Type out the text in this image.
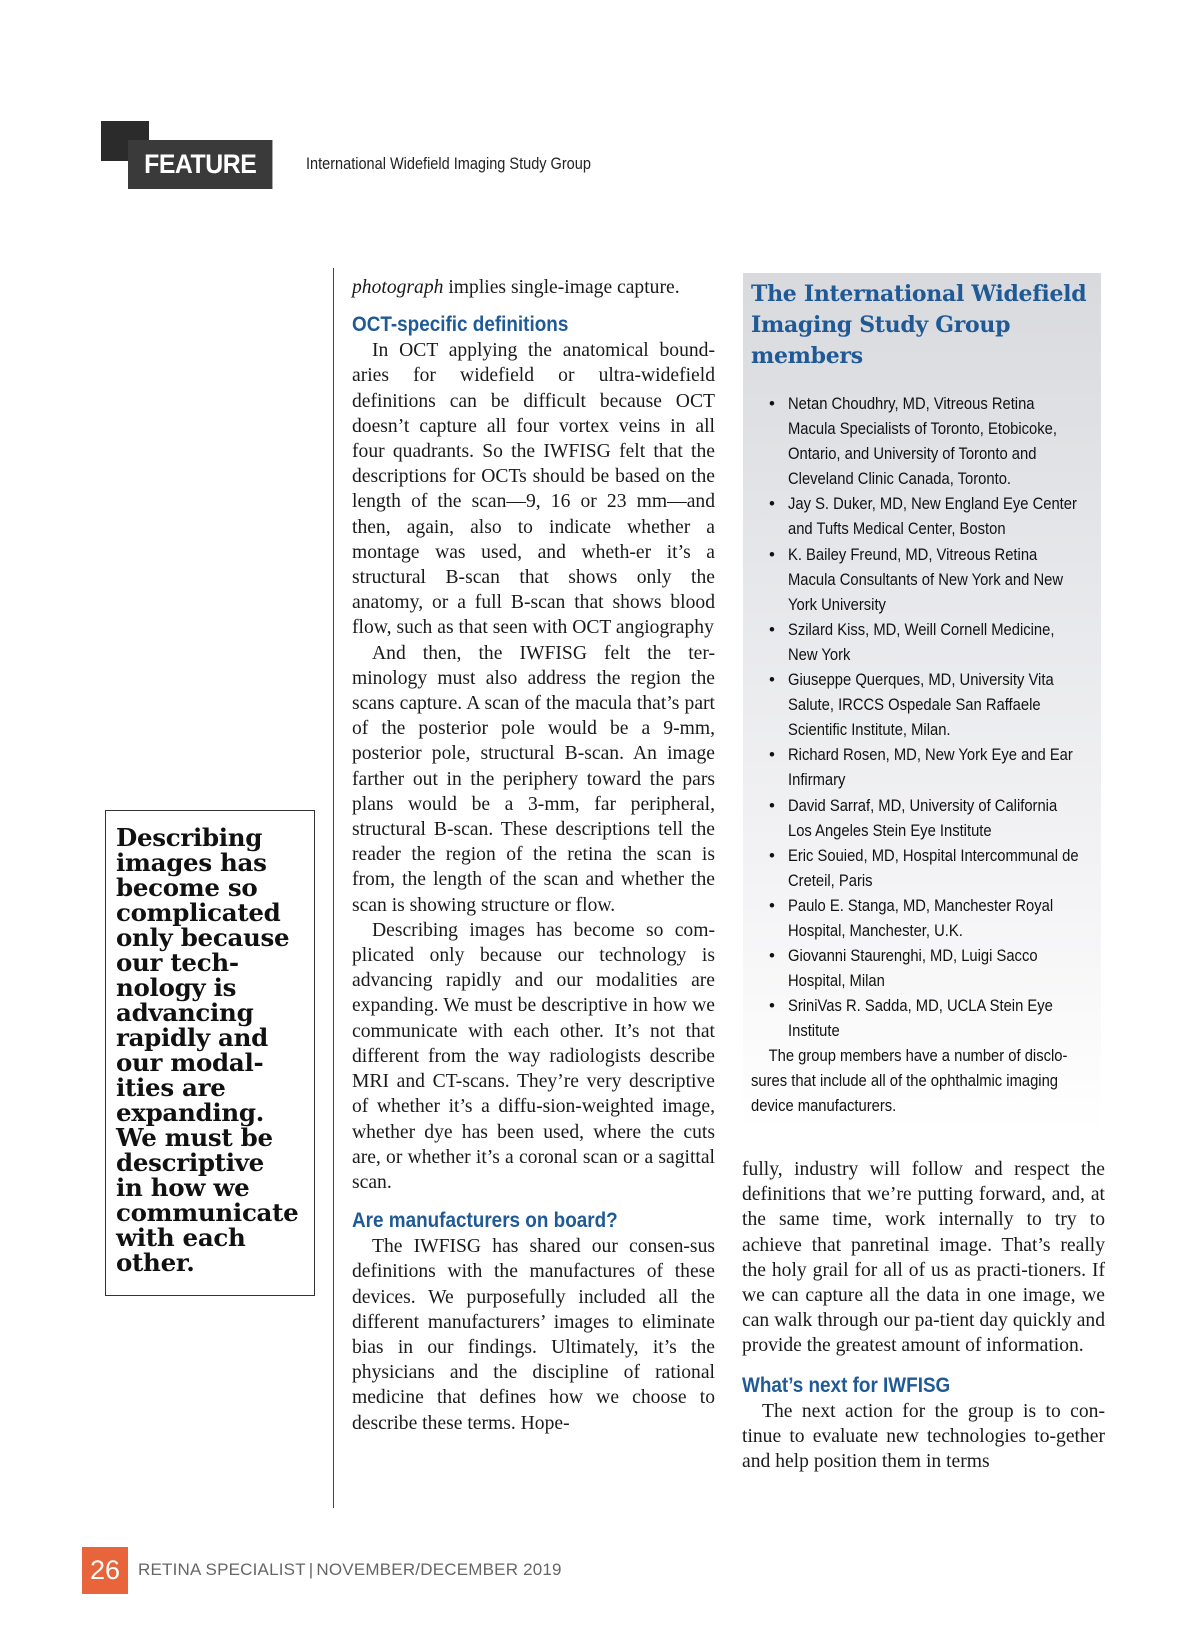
FEATURE	International Widefield Imaging Study Group
Describing
images has
become so
complicated
only because
our tech-
nology is
advancing
rapidly and
our modal-
ities are
expanding.
We must be
descriptive
in how we
communicate
with each
other.

photograph implies single-image capture.

OCT-specific definitions

In OCT applying the anatomical bound-aries for widefield or ultra-widefield definitions can be difficult because OCT doesn’t capture all four vortex veins in all four quadrants. So the IWFISG felt that the descriptions for OCTs should be based on the length of the scan—9, 16 or 23 mm—and then, again, also to indicate whether a montage was used, and wheth-er it’s a structural B-scan that shows only the anatomy, or a full B-scan that shows blood flow, such as that seen with OCT angiography

And then, the IWFISG felt the ter-minology must also address the region the scans capture. A scan of the macula that’s part of the posterior pole would be a 9-mm, posterior pole, structural B-scan. An image farther out in the periphery toward the pars plans would be a 3-mm, far peripheral, structural B-scan. These descriptions tell the reader the region of the retina the scan is from, the length of the scan and whether the scan is showing structure or flow.

Describing images has become so com-plicated only because our technology is advancing rapidly and our modalities are expanding. We must be descriptive in how we communicate with each other. It’s not that different from the way radiologists describe MRI and CT-scans. They’re very descriptive of whether it’s a diffu-sion-weighted image, whether dye has been used, where the cuts are, or whether it’s a coronal scan or a sagittal scan.

Are manufacturers on board?

The IWFISG has shared our consen-sus definitions with the manufactures of these devices. We purposefully included all the different manufacturers’ images to eliminate bias in our findings. Ultimately, it’s the physicians and the discipline of rational medicine that defines how we choose to describe these terms. Hope-

The International Widefield Imaging Study Group members
• Netan Choudhry, MD, Vitreous Retina Macula Specialists of Toronto, Etobicoke, Ontario, and University of Toronto and Cleveland Clinic Canada, Toronto.
• Jay S. Duker, MD, New England Eye Center and Tufts Medical Center, Boston
• K. Bailey Freund, MD, Vitreous Retina Macula Consultants of New York and New York University
• Szilard Kiss, MD, Weill Cornell Medicine, New York
• Giuseppe Querques, MD, University Vita Salute, IRCCS Ospedale San Raffaele Scientific Institute, Milan.
• Richard Rosen, MD, New York Eye and Ear Infirmary
• David Sarraf, MD, University of California Los Angeles Stein Eye Institute
• Eric Souied, MD, Hospital Intercommunal de Creteil, Paris
• Paulo E. Stanga, MD, Manchester Royal Hospital, Manchester, U.K.
• Giovanni Staurenghi, MD, Luigi Sacco Hospital, Milan
• SriniVas R. Sadda, MD, UCLA Stein Eye Institute
The group members have a number of disclo-sures that include all of the ophthalmic imaging device manufacturers.

fully, industry will follow and respect the definitions that we’re putting forward, and, at the same time, work internally to try to achieve that panretinal image. That’s really the holy grail for all of us as practi-tioners. If we can capture all the data in one image, we can walk through our pa-tient day quickly and provide the greatest amount of information.

What’s next for IWFISG

The next action for the group is to con-tinue to evaluate new technologies to-gether and help position them in terms

26	RETINA SPECIALIST | NOVEMBER/DECEMBER 2019
